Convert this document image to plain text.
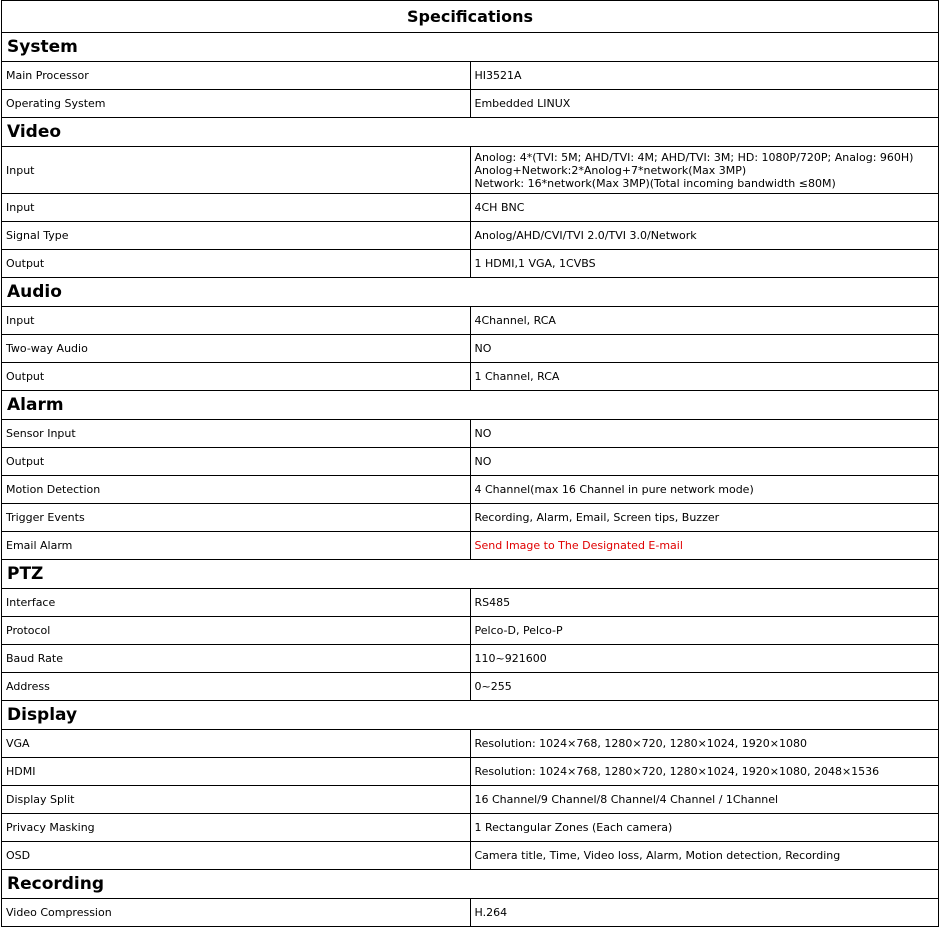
Specifications	
System	
Main Processor	HI3521A
Operating System	Embedded LINUX
Video	
Input	Anolog: 4*(TVI: 5M; AHD/TVI: 4M; AHD/TVI: 3M; HD: 1080P/720P; Analog: 960H)
Anolog+Network:2*Anolog+7*network(Max 3MP)
Network: 16*network(Max 3MP)(Total incoming bandwidth ≤80M)

Input	4CH BNC
Signal Type	Anolog/AHD/CVI/TVI 2.0/TVI 3.0/Network
Output	1 HDMI,1 VGA, 1CVBS
Audio	
Input	4Channel, RCA
Two-way Audio	NO
Output	1 Channel, RCA
Alarm	
Sensor Input	NO
Output	NO
Motion Detection	4 Channel(max 16 Channel in pure network mode)
Trigger Events	Recording, Alarm, Email, Screen tips, Buzzer
Email Alarm	Send Image to The Designated E-mail
PTZ	
Interface	RS485
Protocol	Pelco-D, Pelco-P
Baud Rate	110~921600
Address	0~255
Display	
VGA	Resolution: 1024×768, 1280×720, 1280×1024, 1920×1080
HDMI	Resolution: 1024×768, 1280×720, 1280×1024, 1920×1080, 2048×1536
Display Split	16 Channel/9 Channel/8 Channel/4 Channel / 1Channel
Privacy Masking	1 Rectangular Zones (Each camera)
OSD	Camera title, Time, Video loss, Alarm, Motion detection, Recording
Recording	
Video Compression	H.264
